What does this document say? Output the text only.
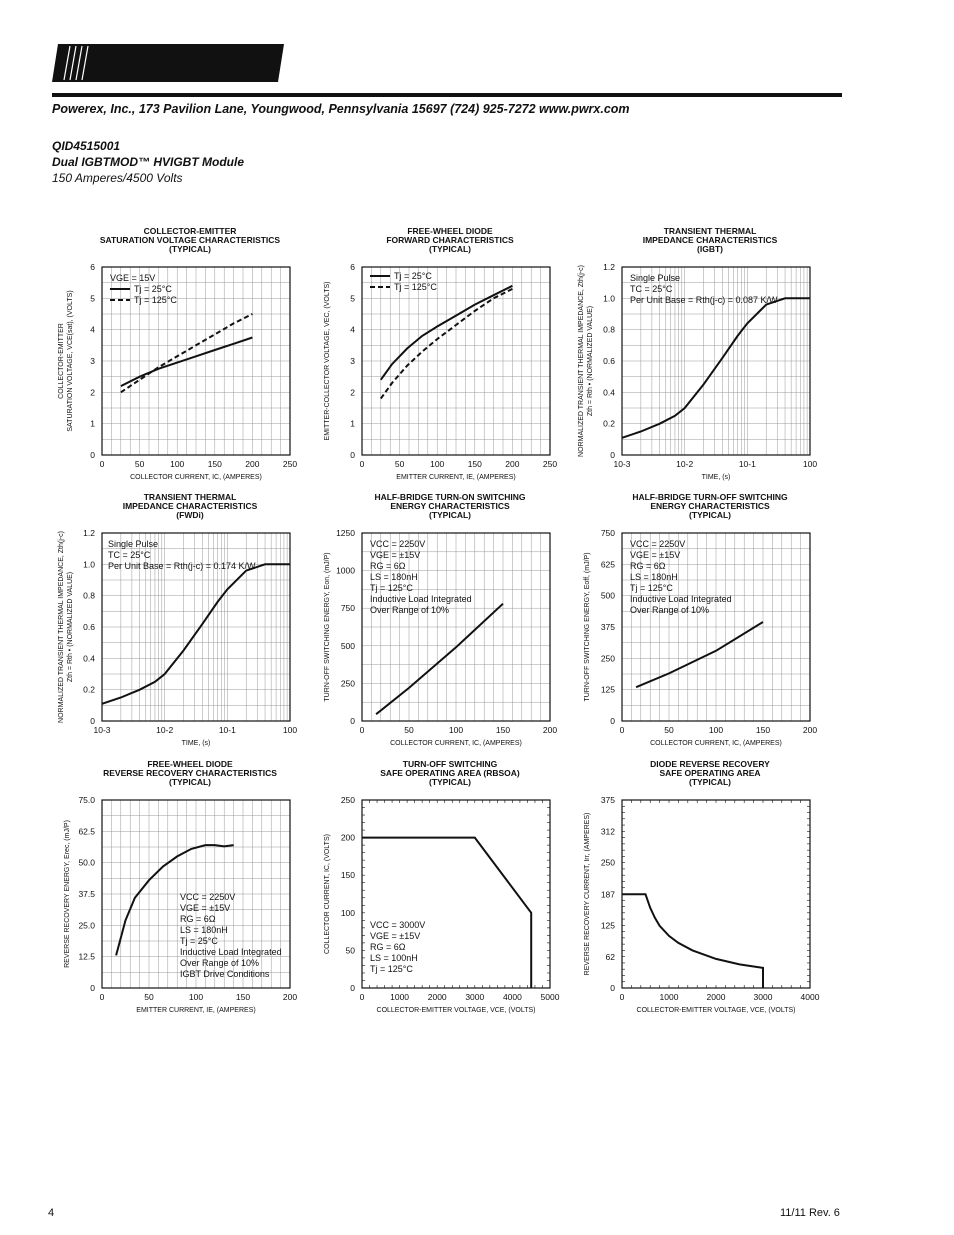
POWEREX
Powerex, Inc., 173 Pavilion Lane, Youngwood, Pennsylvania 15697 (724) 925-7272 www.pwrx.com
QID4515001
Dual IGBTMOD™ HVIGBT Module
150 Amperes/4500 Volts
COLLECTOR-EMITTER
SATURATION VOLTAGE CHARACTERISTICS
(TYPICAL)
0	50	100	150	200	250
0
1
2
3
4
5
6
COLLECTOR CURRENT, IC, (AMPERES)
COLLECTOR-EMITTER SATURATION VOLTAGE, VCE(sat), (VOLTS)
VGE = 15V
Tj = 25°C
Tj = 125°C
FREE-WHEEL DIODE
FORWARD CHARACTERISTICS
(TYPICAL)
0	50	100	150	200	250
0
1
2
3
4
5
6
EMITTER CURRENT, IE, (AMPERES)
EMITTER-COLLECTOR VOLTAGE, VEC, (VOLTS)
Tj = 25°C
Tj = 125°C
TRANSIENT THERMAL
IMPEDANCE CHARACTERISTICS
(IGBT)
10-3	10-2	10-1	100
0
0.2
0.4
0.6
0.8
1.0
1.2
TIME, (s)
NORMALIZED TRANSIENT THERMAL IMPEDANCE, Zth(j-c) Zth = Rth • (NORMALIZED VALUE)
Single Pulse
TC = 25°C
Per Unit Base = Rth(j-c) = 0.087 K/W
TRANSIENT THERMAL
IMPEDANCE CHARACTERISTICS
(FWDi)
10-3	10-2	10-1	100
0
0.2
0.4
0.6
0.8
1.0
1.2
TIME, (s)
NORMALIZED TRANSIENT THERMAL IMPEDANCE, Zth(j-c) Zth = Rth • (NORMALIZED VALUE)
Single Pulse
TC = 25°C
Per Unit Base = Rth(j-c) = 0.174 K/W
HALF-BRIDGE TURN-ON SWITCHING
ENERGY CHARACTERISTICS
(TYPICAL)
0	50	100	150	200
0
250
500
750
1000
1250
COLLECTOR CURRENT, IC, (AMPERES)
TURN-OFF SWITCHING ENERGY, Eon, (mJ/P)
VCC = 2250V
VGE = ±15V
RG = 6Ω
LS = 180nH
Tj = 125°C
Inductive Load Integrated
Over Range of 10%
HALF-BRIDGE TURN-OFF SWITCHING
ENERGY CHARACTERISTICS
(TYPICAL)
0	50	100	150	200
0
125
250
375
500
625
750
COLLECTOR CURRENT, IC, (AMPERES)
TURN-OFF SWITCHING ENERGY, Eoff, (mJ/P)
VCC = 2250V
VGE = ±15V
RG = 6Ω
LS = 180nH
Tj = 125°C
Inductive Load Integrated
Over Range of 10%
FREE-WHEEL DIODE
REVERSE RECOVERY CHARACTERISTICS
(TYPICAL)
0	50	100	150	200
0
12.5
25.0
37.5
50.0
62.5
75.0
EMITTER CURRENT, IE, (AMPERES)
REVERSE RECOVERY ENERGY, Erec, (mJ/P)	VCC = 2250V
VGE = ±15V
RG = 6Ω
LS = 180nH
Tj = 25°C
Inductive Load Integrated
Over Range of 10%
IGBT Drive Conditions
TURN-OFF SWITCHING
SAFE OPERATING AREA (RBSOA)
(TYPICAL)
0	1000 2000 3000 4000 5000
0
50
100
150
200
250
COLLECTOR-EMITTER VOLTAGE, VCE, (VOLTS)
COLLECTOR CURRENT, IC, (VOLTS)	VCC = 3000V
VGE = ±15V
RG = 6Ω
LS = 100nH
Tj = 125°C
DIODE REVERSE RECOVERY
SAFE OPERATING AREA
(TYPICAL)
0	1000	2000	3000	4000
0
62
125
187
250
312
375
COLLECTOR-EMITTER VOLTAGE, VCE, (VOLTS)
REVERSE RECOVERY CURRENT, Irr, (AMPERES)
4	11/11 Rev. 6
